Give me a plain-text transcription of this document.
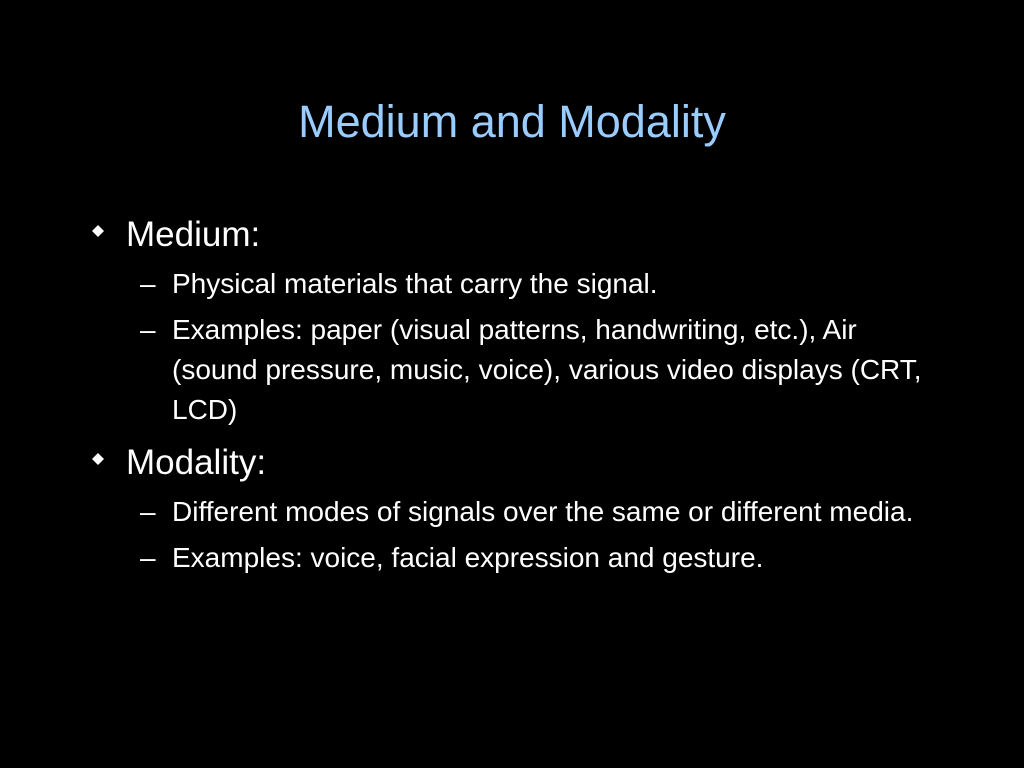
Medium and Modality
Medium:
– Physical materials that carry the signal.
– Examples: paper (visual patterns, handwriting, etc.), Air (sound pressure, music, voice), various video displays (CRT, LCD)
Modality:
– Different modes of signals over the same or different media.
– Examples: voice, facial expression and gesture.
